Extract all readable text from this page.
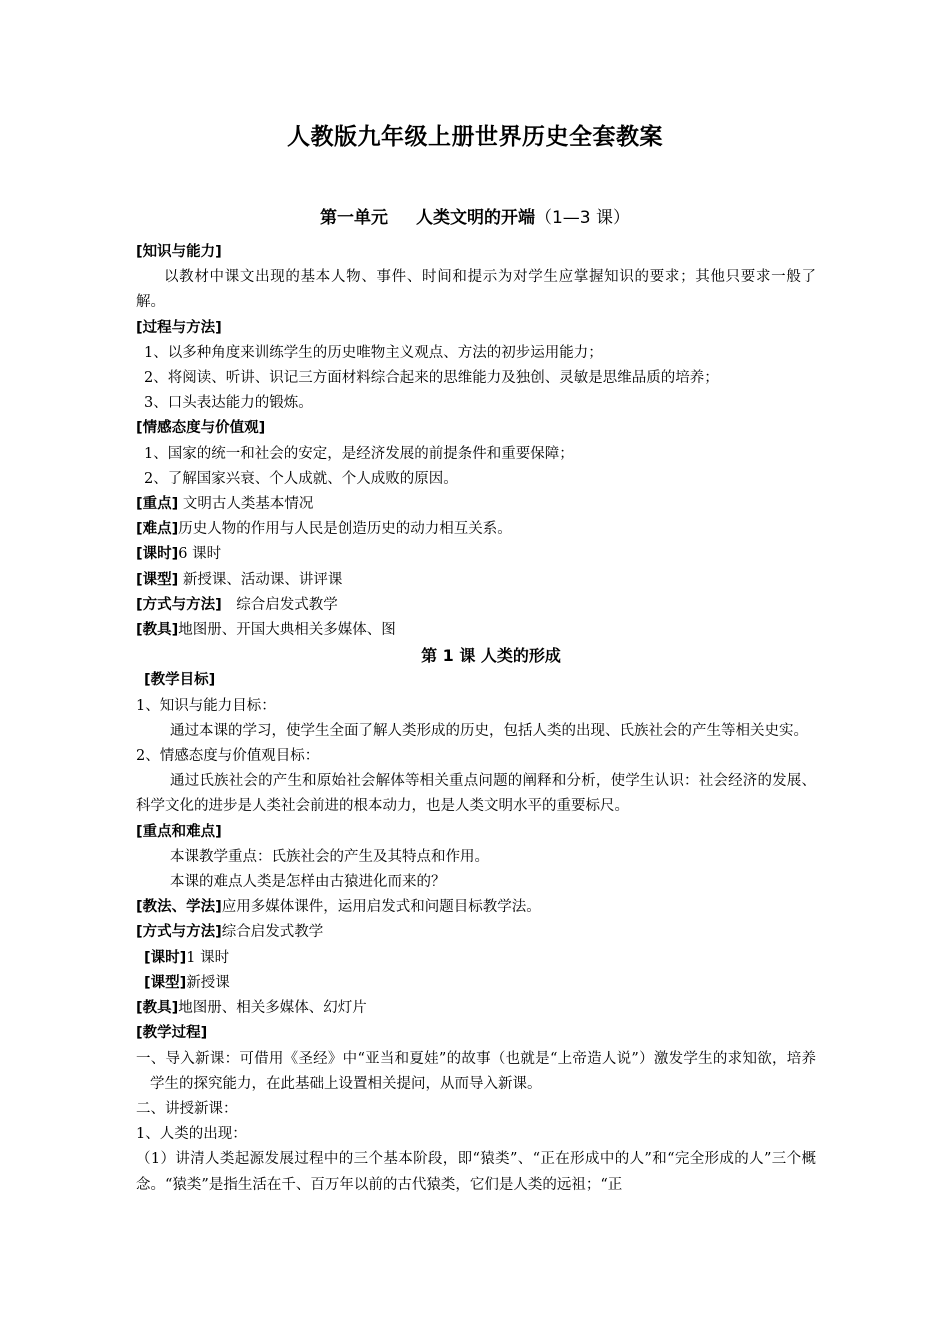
人教版九年级上册世界历史全套教案
第一单元 人类文明的开端（1—3 课）
[知识与能力]
以教材中课文出现的基本人物、事件、时间和提示为对学生应掌握知识的要求；其他只要求一般了解。
[过程与方法]
1、以多种角度来训练学生的历史唯物主义观点、方法的初步运用能力；
2、将阅读、听讲、识记三方面材料综合起来的思维能力及独创、灵敏是思维品质的培养；
3、口头表达能力的锻炼。
[情感态度与价值观]
1、国家的统一和社会的安定，是经济发展的前提条件和重要保障；
2、了解国家兴衰、个人成就、个人成败的原因。
[重点] 文明古人类基本情况
[难点]历史人物的作用与人民是创造历史的动力相互关系。
[课时]6 课时
[课型] 新授课、活动课、讲评课
[方式与方法]　综合启发式教学
[教具]地图册、开国大典相关多媒体、图
第 1 课 人类的形成
[教学目标]
1、知识与能力目标：
通过本课的学习，使学生全面了解人类形成的历史，包括人类的出现、氏族社会的产生等相关史实。
2、情感态度与价值观目标：
通过氏族社会的产生和原始社会解体等相关重点问题的阐释和分析，使学生认识：社会经济的发展、科学文化的进步是人类社会前进的根本动力，也是人类文明水平的重要标尺。
[重点和难点]
本课教学重点：氏族社会的产生及其特点和作用。
本课的难点人类是怎样由古猿进化而来的？
[教法、学法]应用多媒体课件，运用启发式和问题目标教学法。
[方式与方法]综合启发式教学
[课时]1 课时
[课型]新授课
[教具]地图册、相关多媒体、幻灯片
[教学过程]
一、导入新课：可借用《圣经》中“亚当和夏娃”的故事（也就是“上帝造人说”）激发学生的求知欲，培养学生的探究能力，在此基础上设置相关提问，从而导入新课。
二、讲授新课：
1、人类的出现：
（1）讲清人类起源发展过程中的三个基本阶段，即“猿类”、“正在形成中的人”和“完全形成的人”三个概念。“猿类”是指生活在千、百万年以前的古代猿类，它们是人类的远祖；“正
